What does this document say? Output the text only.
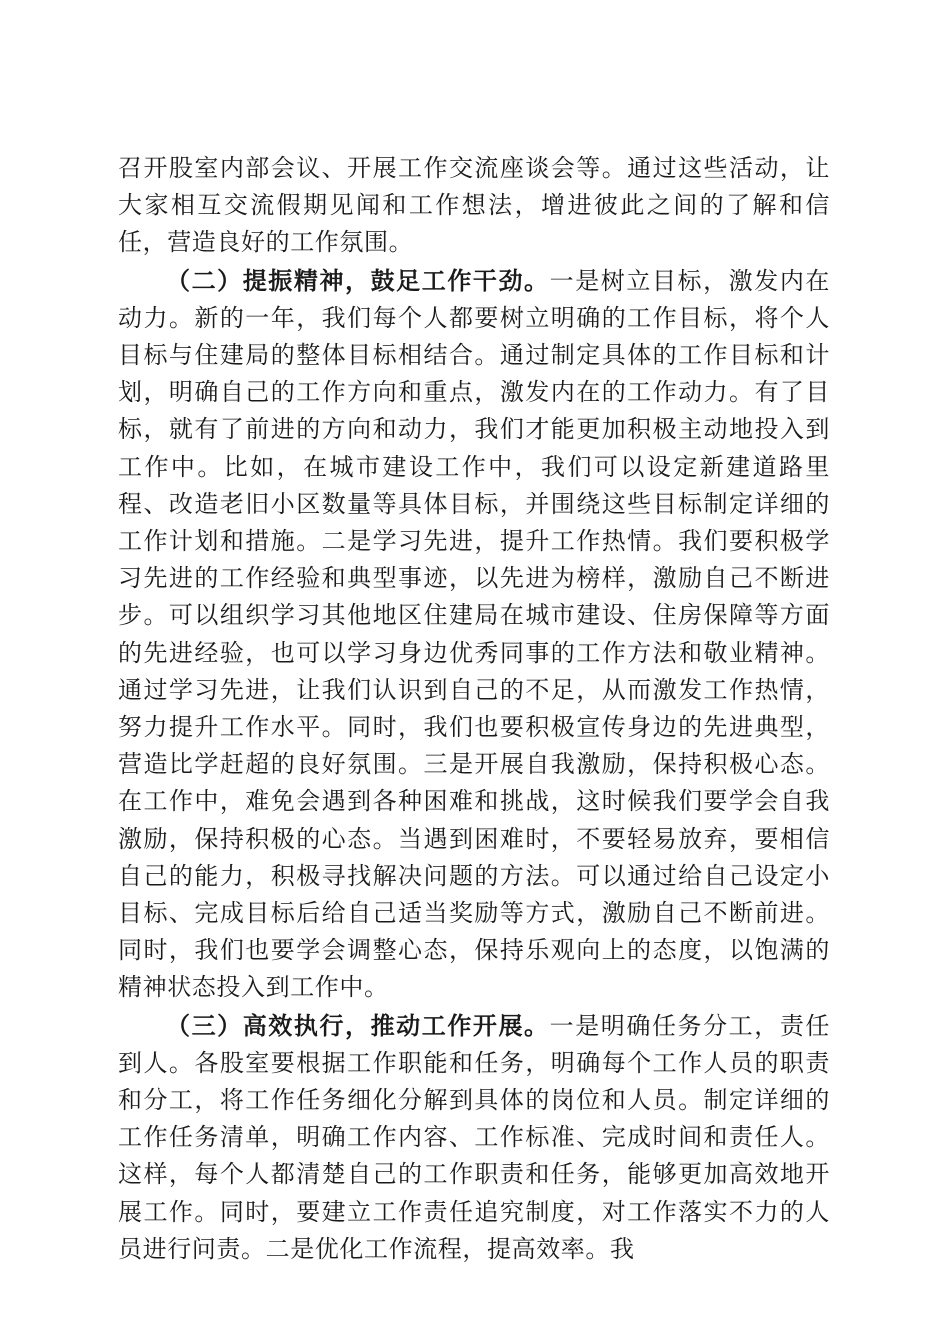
召开股室内部会议、开展工作交流座谈会等。通过这些活动，让大家相互交流假期见闻和工作想法，增进彼此之间的了解和信任，营造良好的工作氛围。

（二）提振精神，鼓足工作干劲。一是树立目标，激发内在动力。新的一年，我们每个人都要树立明确的工作目标，将个人目标与住建局的整体目标相结合。通过制定具体的工作目标和计划，明确自己的工作方向和重点，激发内在的工作动力。有了目标，就有了前进的方向和动力，我们才能更加积极主动地投入到工作中。比如，在城市建设工作中，我们可以设定新建道路里程、改造老旧小区数量等具体目标，并围绕这些目标制定详细的工作计划和措施。二是学习先进，提升工作热情。我们要积极学习先进的工作经验和典型事迹，以先进为榜样，激励自己不断进步。可以组织学习其他地区住建局在城市建设、住房保障等方面的先进经验，也可以学习身边优秀同事的工作方法和敬业精神。通过学习先进，让我们认识到自己的不足，从而激发工作热情，努力提升工作水平。同时，我们也要积极宣传身边的先进典型，营造比学赶超的良好氛围。三是开展自我激励，保持积极心态。在工作中，难免会遇到各种困难和挑战，这时候我们要学会自我激励，保持积极的心态。当遇到困难时，不要轻易放弃，要相信自己的能力，积极寻找解决问题的方法。可以通过给自己设定小目标、完成目标后给自己适当奖励等方式，激励自己不断前进。同时，我们也要学会调整心态，保持乐观向上的态度，以饱满的精神状态投入到工作中。

（三）高效执行，推动工作开展。一是明确任务分工，责任到人。各股室要根据工作职能和任务，明确每个工作人员的职责和分工，将工作任务细化分解到具体的岗位和人员。制定详细的工作任务清单，明确工作内容、工作标准、完成时间和责任人。这样，每个人都清楚自己的工作职责和任务，能够更加高效地开展工作。同时，要建立工作责任追究制度，对工作落实不力的人员进行问责。二是优化工作流程，提高效率。我
